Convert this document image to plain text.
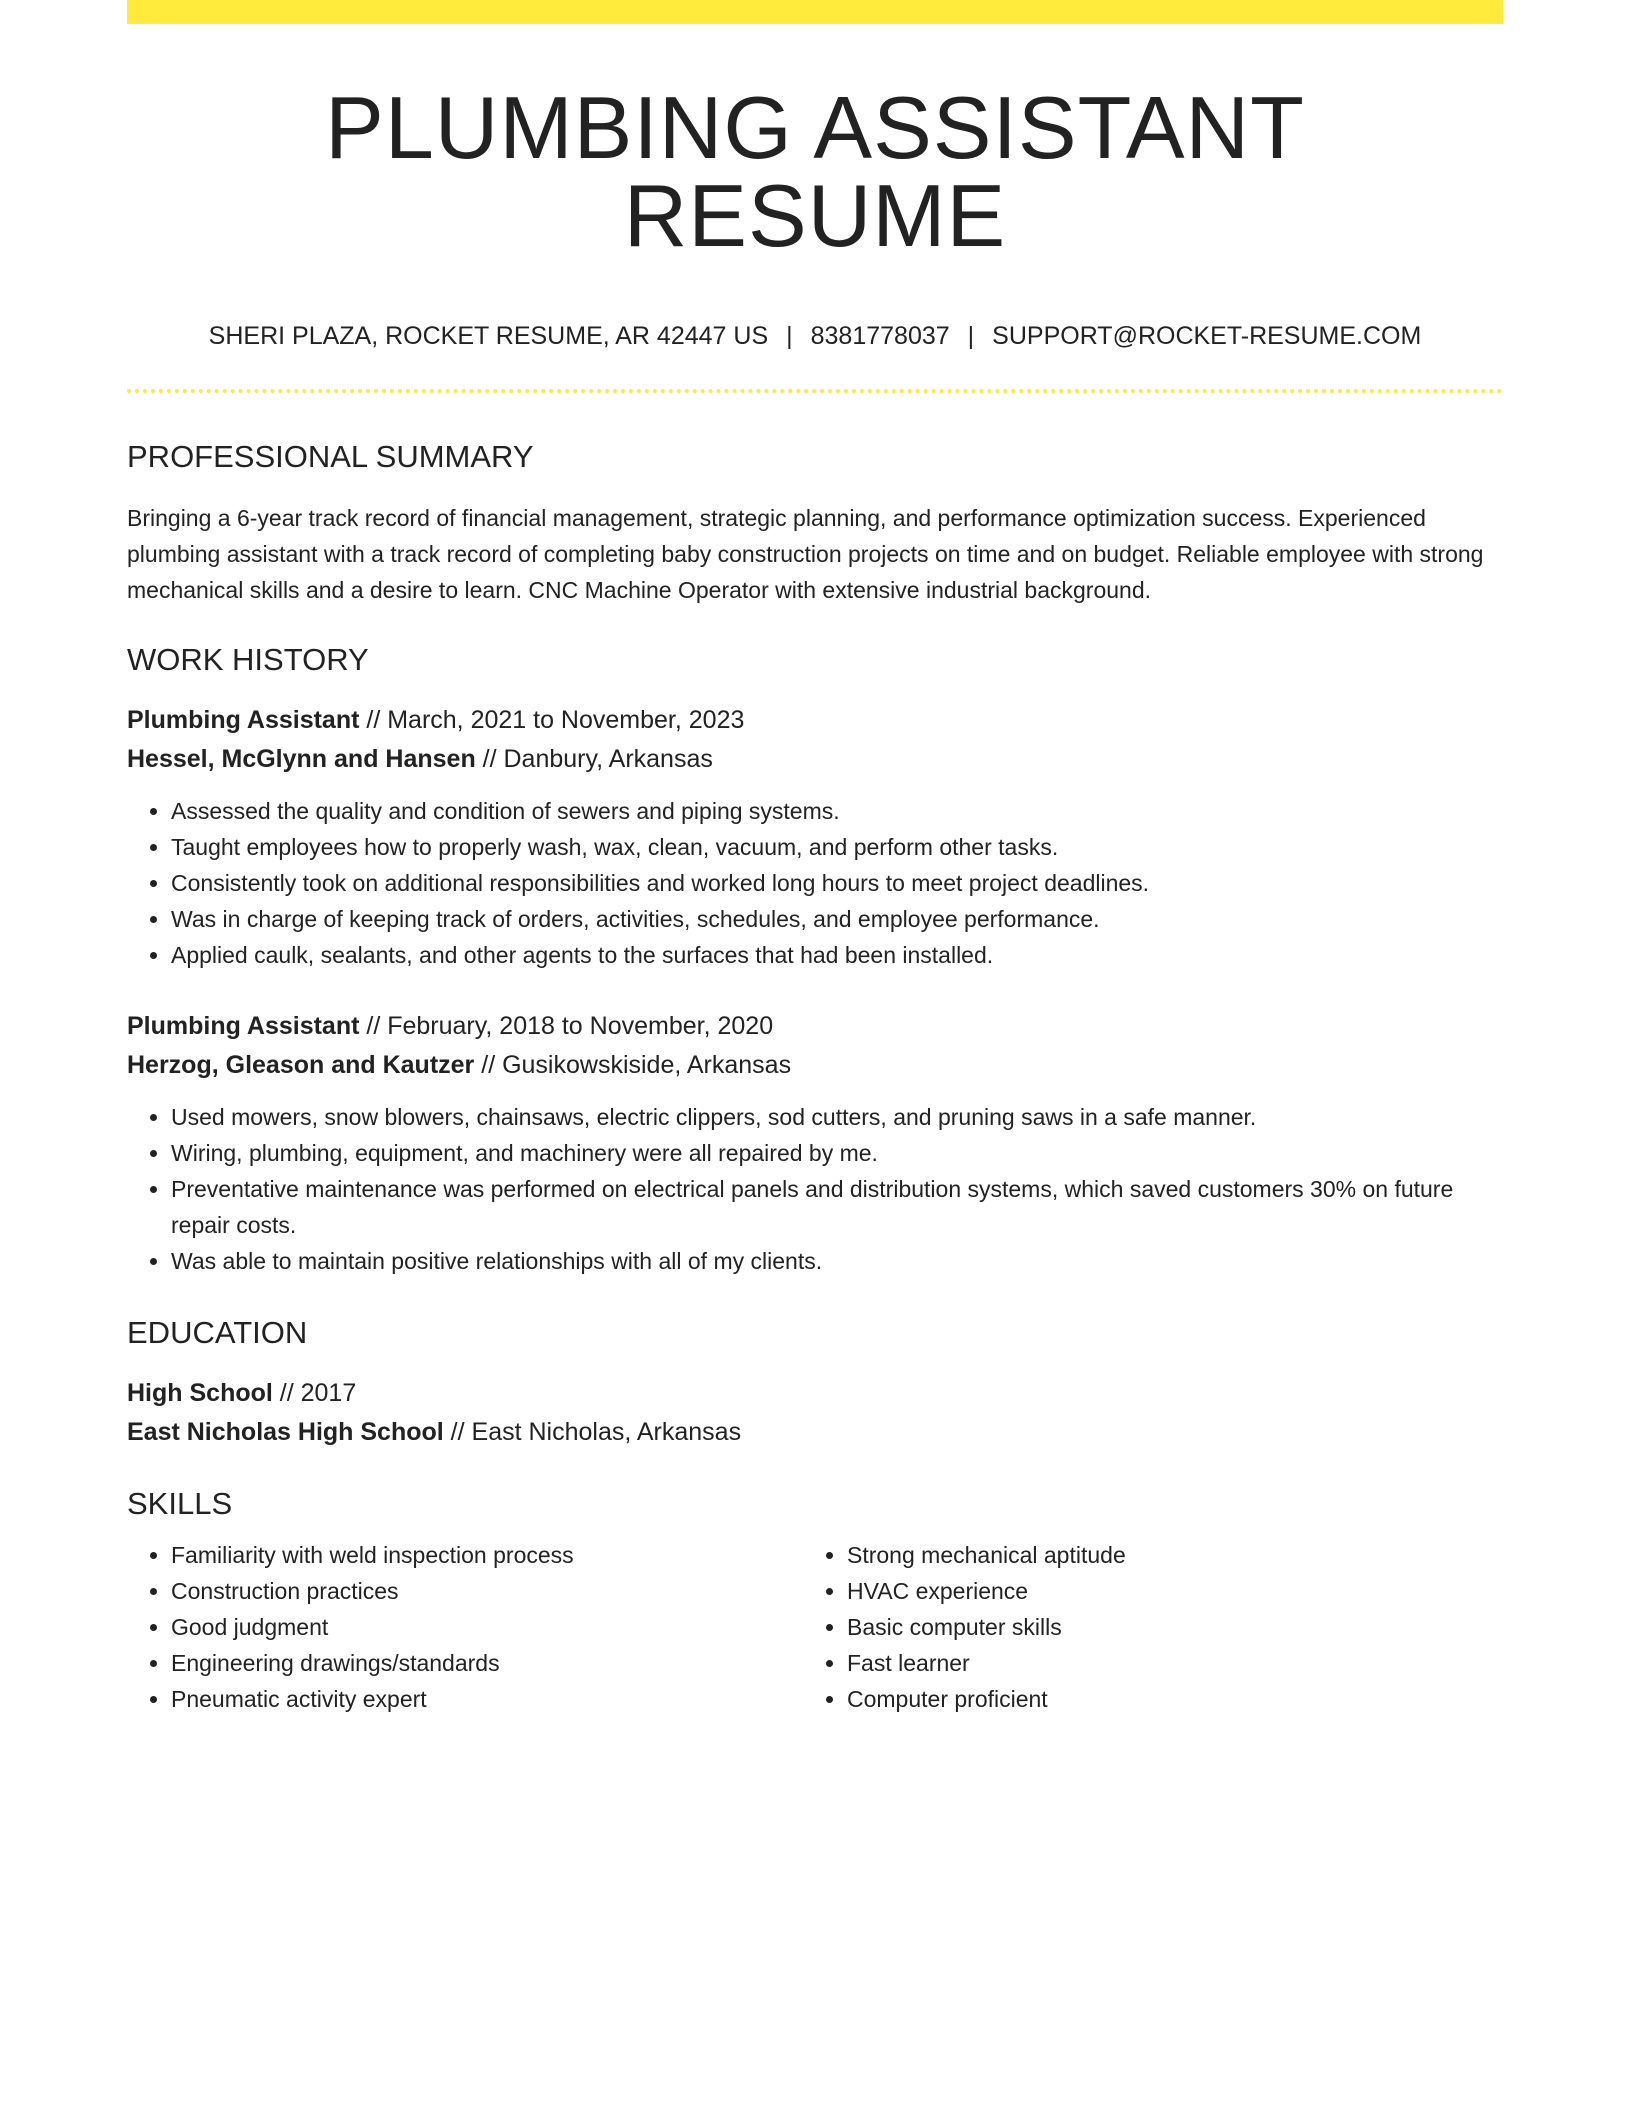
PLUMBING ASSISTANT RESUME
SHERI PLAZA, ROCKET RESUME, AR 42447 US | 8381778037 | SUPPORT@ROCKET-RESUME.COM
PROFESSIONAL SUMMARY

Bringing a 6-year track record of financial management, strategic planning, and performance optimization success. Experienced plumbing assistant with a track record of completing baby construction projects on time and on budget. Reliable employee with strong mechanical skills and a desire to learn. CNC Machine Operator with extensive industrial background.

WORK HISTORY
Plumbing Assistant // March, 2021 to November, 2023
Hessel, McGlynn and Hansen // Danbury, Arkansas
• Assessed the quality and condition of sewers and piping systems.
• Taught employees how to properly wash, wax, clean, vacuum, and perform other tasks.
• Consistently took on additional responsibilities and worked long hours to meet project deadlines.
• Was in charge of keeping track of orders, activities, schedules, and employee performance.
• Applied caulk, sealants, and other agents to the surfaces that had been installed.
Plumbing Assistant // February, 2018 to November, 2020
Herzog, Gleason and Kautzer // Gusikowskiside, Arkansas
• Used mowers, snow blowers, chainsaws, electric clippers, sod cutters, and pruning saws in a safe manner.
• Wiring, plumbing, equipment, and machinery were all repaired by me.
• Preventative maintenance was performed on electrical panels and distribution systems, which saved customers 30% on future repair costs.
• Was able to maintain positive relationships with all of my clients.
EDUCATION
High School // 2017
East Nicholas High School // East Nicholas, Arkansas
SKILLS
• Familiarity with weld inspection process
• Construction practices
• Good judgment
• Engineering drawings/standards
• Pneumatic activity expert
• Strong mechanical aptitude
• HVAC experience
• Basic computer skills
• Fast learner
• Computer proficient
